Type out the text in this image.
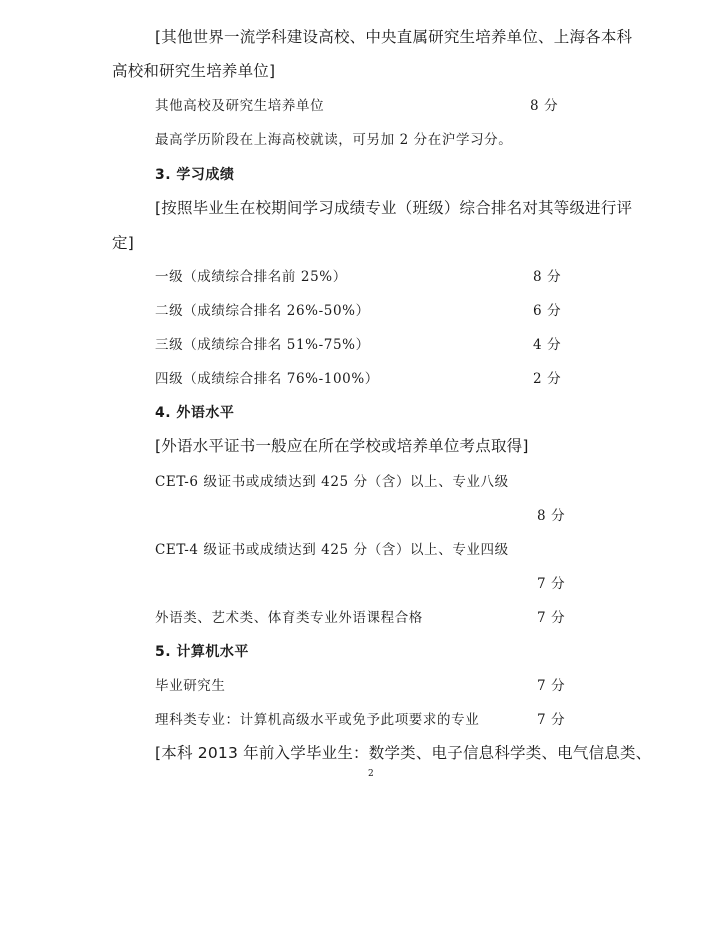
[其他世界一流学科建设高校、中央直属研究生培养单位、上海各本科
高校和研究生培养单位]
其他高校及研究生培养单位	8 分
最高学历阶段在上海高校就读，可另加 2 分在沪学习分。
3. 学习成绩
[按照毕业生在校期间学习成绩专业（班级）综合排名对其等级进行评
定]
一级（成绩综合排名前 25%）	8 分
二级（成绩综合排名 26%-50%）	6 分
三级（成绩综合排名 51%-75%）	4 分
四级（成绩综合排名 76%-100%）	2 分
4. 外语水平
[外语水平证书一般应在所在学校或培养单位考点取得]
CET-6 级证书或成绩达到 425 分（含）以上、专业八级
8 分
CET-4 级证书或成绩达到 425 分（含）以上、专业四级
7 分
外语类、艺术类、体育类专业外语课程合格	7 分
5. 计算机水平
毕业研究生	7 分
理科类专业：计算机高级水平或免予此项要求的专业	7 分
[本科 2013 年前入学毕业生：数学类、电子信息科学类、电气信息类、
2
